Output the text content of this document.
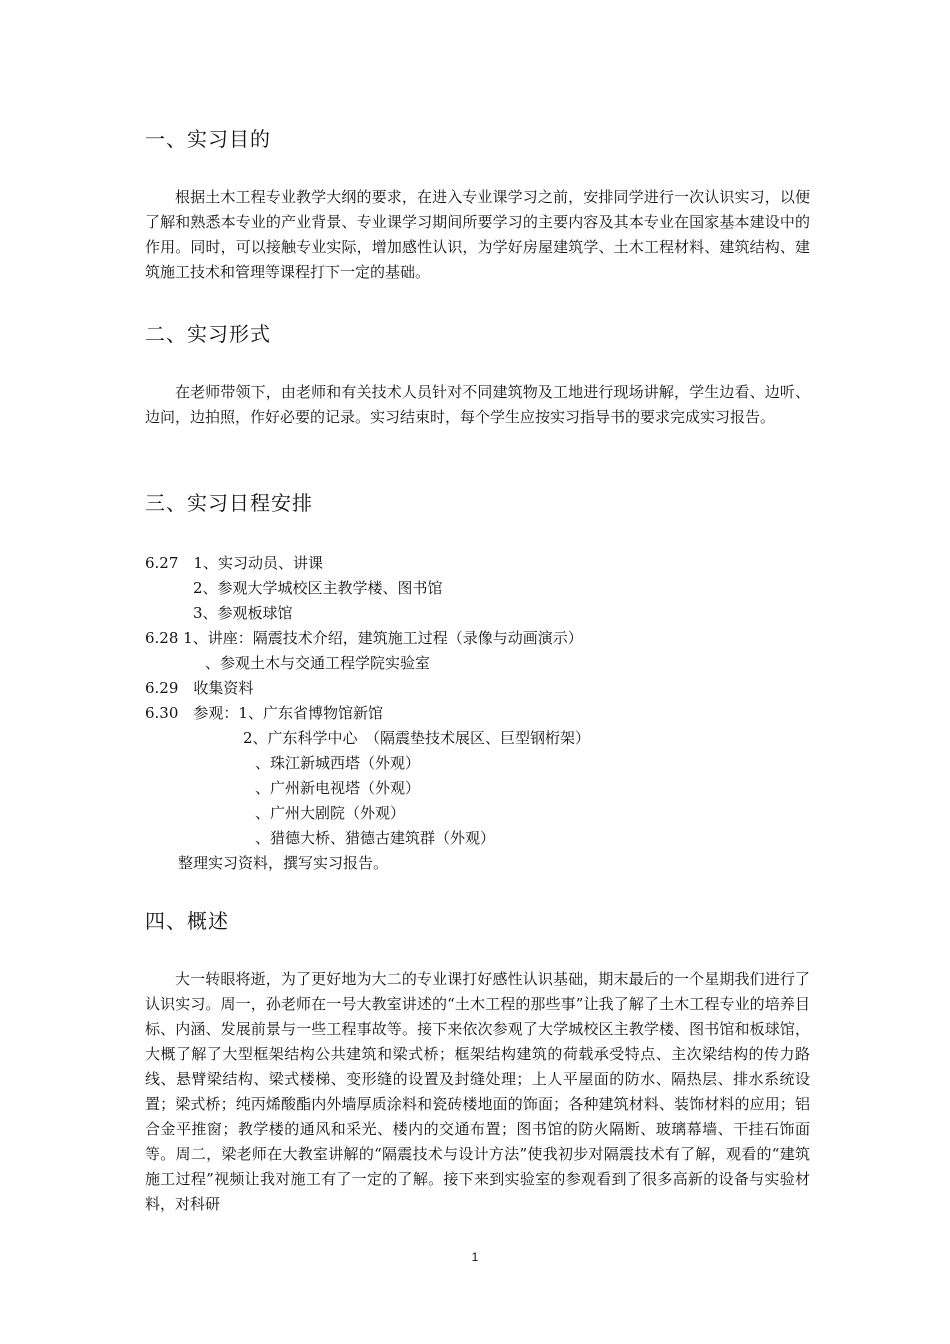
一、实习目的

根据土木工程专业教学大纲的要求，在进入专业课学习之前，安排同学进行一次认识实习，以便了解和熟悉本专业的产业背景、专业课学习期间所要学习的主要内容及其本专业在国家基本建设中的作用。同时，可以接触专业实际，增加感性认识，为学好房屋建筑学、土木工程材料、建筑结构、建筑施工技术和管理等课程打下一定的基础。

二、实习形式

在老师带领下，由老师和有关技术人员针对不同建筑物及工地进行现场讲解，学生边看、边听、边问，边拍照，作好必要的记录。实习结束时，每个学生应按实习指导书的要求完成实习报告。

三、实习日程安排

6.27　1、实习动员、讲课

2、参观大学城校区主教学楼、图书馆

3、参观板球馆

6.28 1、讲座：隔震技术介绍，建筑施工过程（录像与动画演示）

、参观土木与交通工程学院实验室

6.29　收集资料

6.30　参观：1、广东省博物馆新馆

2、广东科学中心　（隔震垫技术展区、巨型钢桁架）

、珠江新城西塔（外观）

、广州新电视塔（外观）

、广州大剧院（外观）

、猎德大桥、猎德古建筑群（外观）

整理实习资料，撰写实习报告。

四、概述

大一转眼将逝，为了更好地为大二的专业课打好感性认识基础，期末最后的一个星期我们进行了认识实习。周一，孙老师在一号大教室讲述的“土木工程的那些事”让我了解了土木工程专业的培养目标、内涵、发展前景与一些工程事故等。接下来依次参观了大学城校区主教学楼、图书馆和板球馆，大概了解了大型框架结构公共建筑和梁式桥；框架结构建筑的荷载承受特点、主次梁结构的传力路线、悬臂梁结构、梁式楼梯、变形缝的设置及封缝处理；上人平屋面的防水、隔热层、排水系统设置；梁式桥；纯丙烯酸酯内外墙厚质涂料和瓷砖楼地面的饰面；各种建筑材料、装饰材料的应用；铝合金平推窗；教学楼的通风和采光、楼内的交通布置；图书馆的防火隔断、玻璃幕墙、干挂石饰面等。周二，梁老师在大教室讲解的“隔震技术与设计方法”使我初步对隔震技术有了解，观看的“建筑施工过程”视频让我对施工有了一定的了解。接下来到实验室的参观看到了很多高新的设备与实验材料，对科研

1
